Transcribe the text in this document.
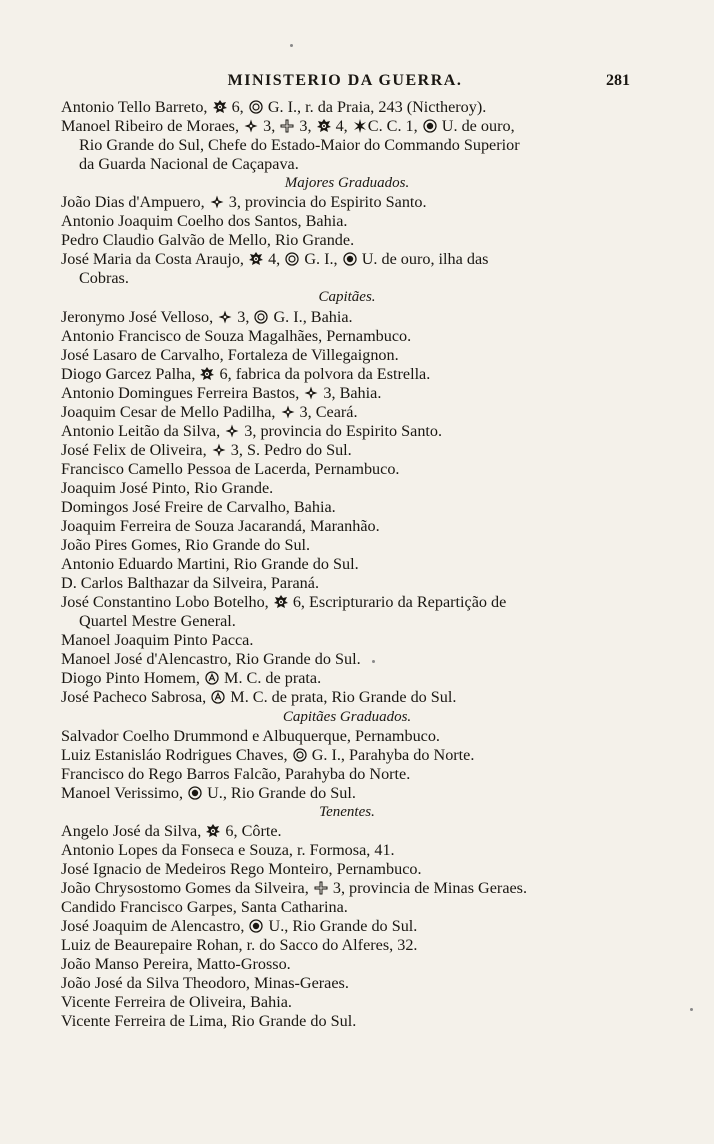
MINISTERIO DA GUERRA.	281
Antonio Tello Barreto,  6,  G. I., r. da Praia, 243 (Nictheroy).
Manoel Ribeiro de Moraes,  3,  3,  4, C. C. 1,  U. de ouro,
Rio Grande do Sul, Chefe do Estado-Maior do Commando Superior
da Guarda Nacional de Caçapava.
Majores Graduados.
João Dias d'Ampuero,  3, provincia do Espirito Santo.
Antonio Joaquim Coelho dos Santos, Bahia.
Pedro Claudio Galvão de Mello, Rio Grande.
José Maria da Costa Araujo,  4,  G. I.,  U. de ouro, ilha das
Cobras.
Capitães.
Jeronymo José Velloso,  3,  G. I., Bahia.
Antonio Francisco de Souza Magalhães, Pernambuco.
José Lasaro de Carvalho, Fortaleza de Villegaignon.
Diogo Garcez Palha,  6, fabrica da polvora da Estrella.
Antonio Domingues Ferreira Bastos,  3, Bahia.
Joaquim Cesar de Mello Padilha,  3, Ceará.
Antonio Leitão da Silva,  3, provincia do Espirito Santo.
José Felix de Oliveira,  3, S. Pedro do Sul.
Francisco Camello Pessoa de Lacerda, Pernambuco.
Joaquim José Pinto, Rio Grande.
Domingos José Freire de Carvalho, Bahia.
Joaquim Ferreira de Souza Jacarandá, Maranhão.
João Pires Gomes, Rio Grande do Sul.
Antonio Eduardo Martini, Rio Grande do Sul.
D. Carlos Balthazar da Silveira, Paraná.
José Constantino Lobo Botelho,  6, Escripturario da Repartição de
Quartel Mestre General.
Manoel Joaquim Pinto Pacca.
Manoel José d'Alencastro, Rio Grande do Sul.
Diogo Pinto Homem,  M. C. de prata.
José Pacheco Sabrosa,  M. C. de prata, Rio Grande do Sul.
Capitães Graduados.
Salvador Coelho Drummond e Albuquerque, Pernambuco.
Luiz Estanisláo Rodrigues Chaves,  G. I., Parahyba do Norte.
Francisco do Rego Barros Falcão, Parahyba do Norte.
Manoel Verissimo,  U., Rio Grande do Sul.
Tenentes.
Angelo José da Silva,  6, Côrte.
Antonio Lopes da Fonseca e Souza, r. Formosa, 41.
José Ignacio de Medeiros Rego Monteiro, Pernambuco.
João Chrysostomo Gomes da Silveira,  3, provincia de Minas Geraes.
Candido Francisco Garpes, Santa Catharina.
José Joaquim de Alencastro,  U., Rio Grande do Sul.
Luiz de Beaurepaire Rohan, r. do Sacco do Alferes, 32.
João Manso Pereira, Matto-Grosso.
João José da Silva Theodoro, Minas-Geraes.
Vicente Ferreira de Oliveira, Bahia.
Vicente Ferreira de Lima, Rio Grande do Sul.
